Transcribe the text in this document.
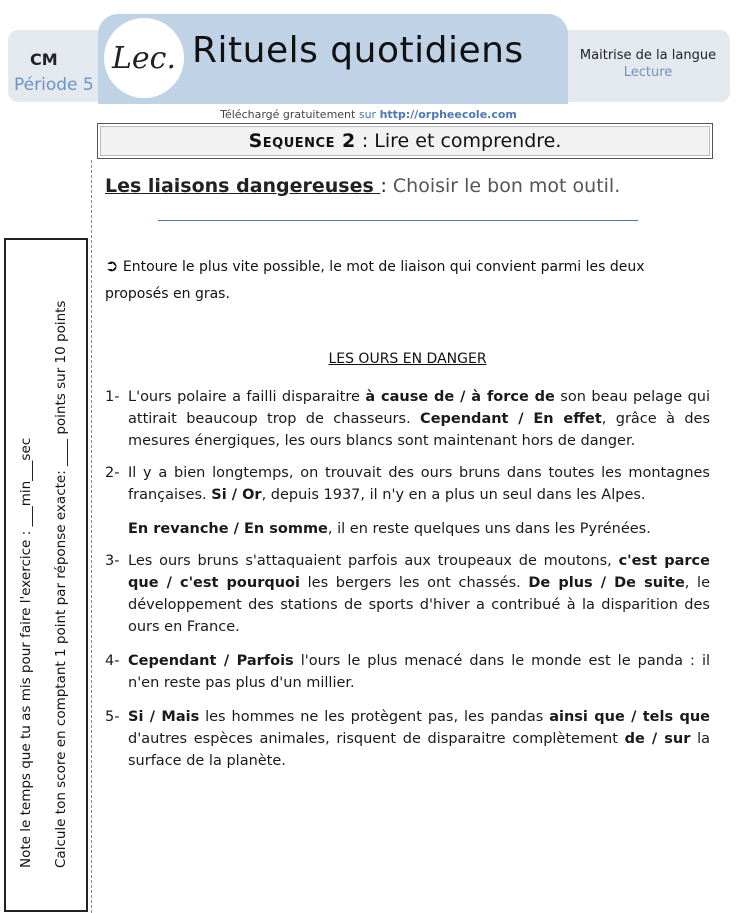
Lec. Rituels quotidiens
CM
Période 5
Maitrise de la langue
Lecture
Téléchargé gratuitement sur http://orpheecole.com
Sequence 2 : Lire et comprendre.
Les liaisons dangereuses : Choisir le bon mot outil.
Note le temps que tu as mis pour faire l'exercice : ___min___sec Calcule ton score en comptant 1 point par réponse exacte: ____ points sur 10 points
➲ Entoure le plus vite possible, le mot de liaison qui convient parmi les deux proposés en gras.
LES OURS EN DANGER
1- L'ours polaire a failli disparaitre à cause de / à force de son beau pelage qui attirait beaucoup trop de chasseurs. Cependant / En effet, grâce à des mesures énergiques, les ours blancs sont maintenant hors de danger.
2- Il y a bien longtemps, on trouvait des ours bruns dans toutes les montagnes françaises. Si / Or, depuis 1937, il n'y en a plus un seul dans les Alpes.
En revanche / En somme, il en reste quelques uns dans les Pyrénées.
3- Les ours bruns s'attaquaient parfois aux troupeaux de moutons, c'est parce que / c'est pourquoi les bergers les ont chassés. De plus / De suite, le développement des stations de sports d'hiver a contribué à la disparition des ours en France.
4- Cependant / Parfois l'ours le plus menacé dans le monde est le panda : il n'en reste pas plus d'un millier.
5- Si / Mais les hommes ne les protègent pas, les pandas ainsi que / tels que d'autres espèces animales, risquent de disparaitre complètement de / sur la surface de la planète.
